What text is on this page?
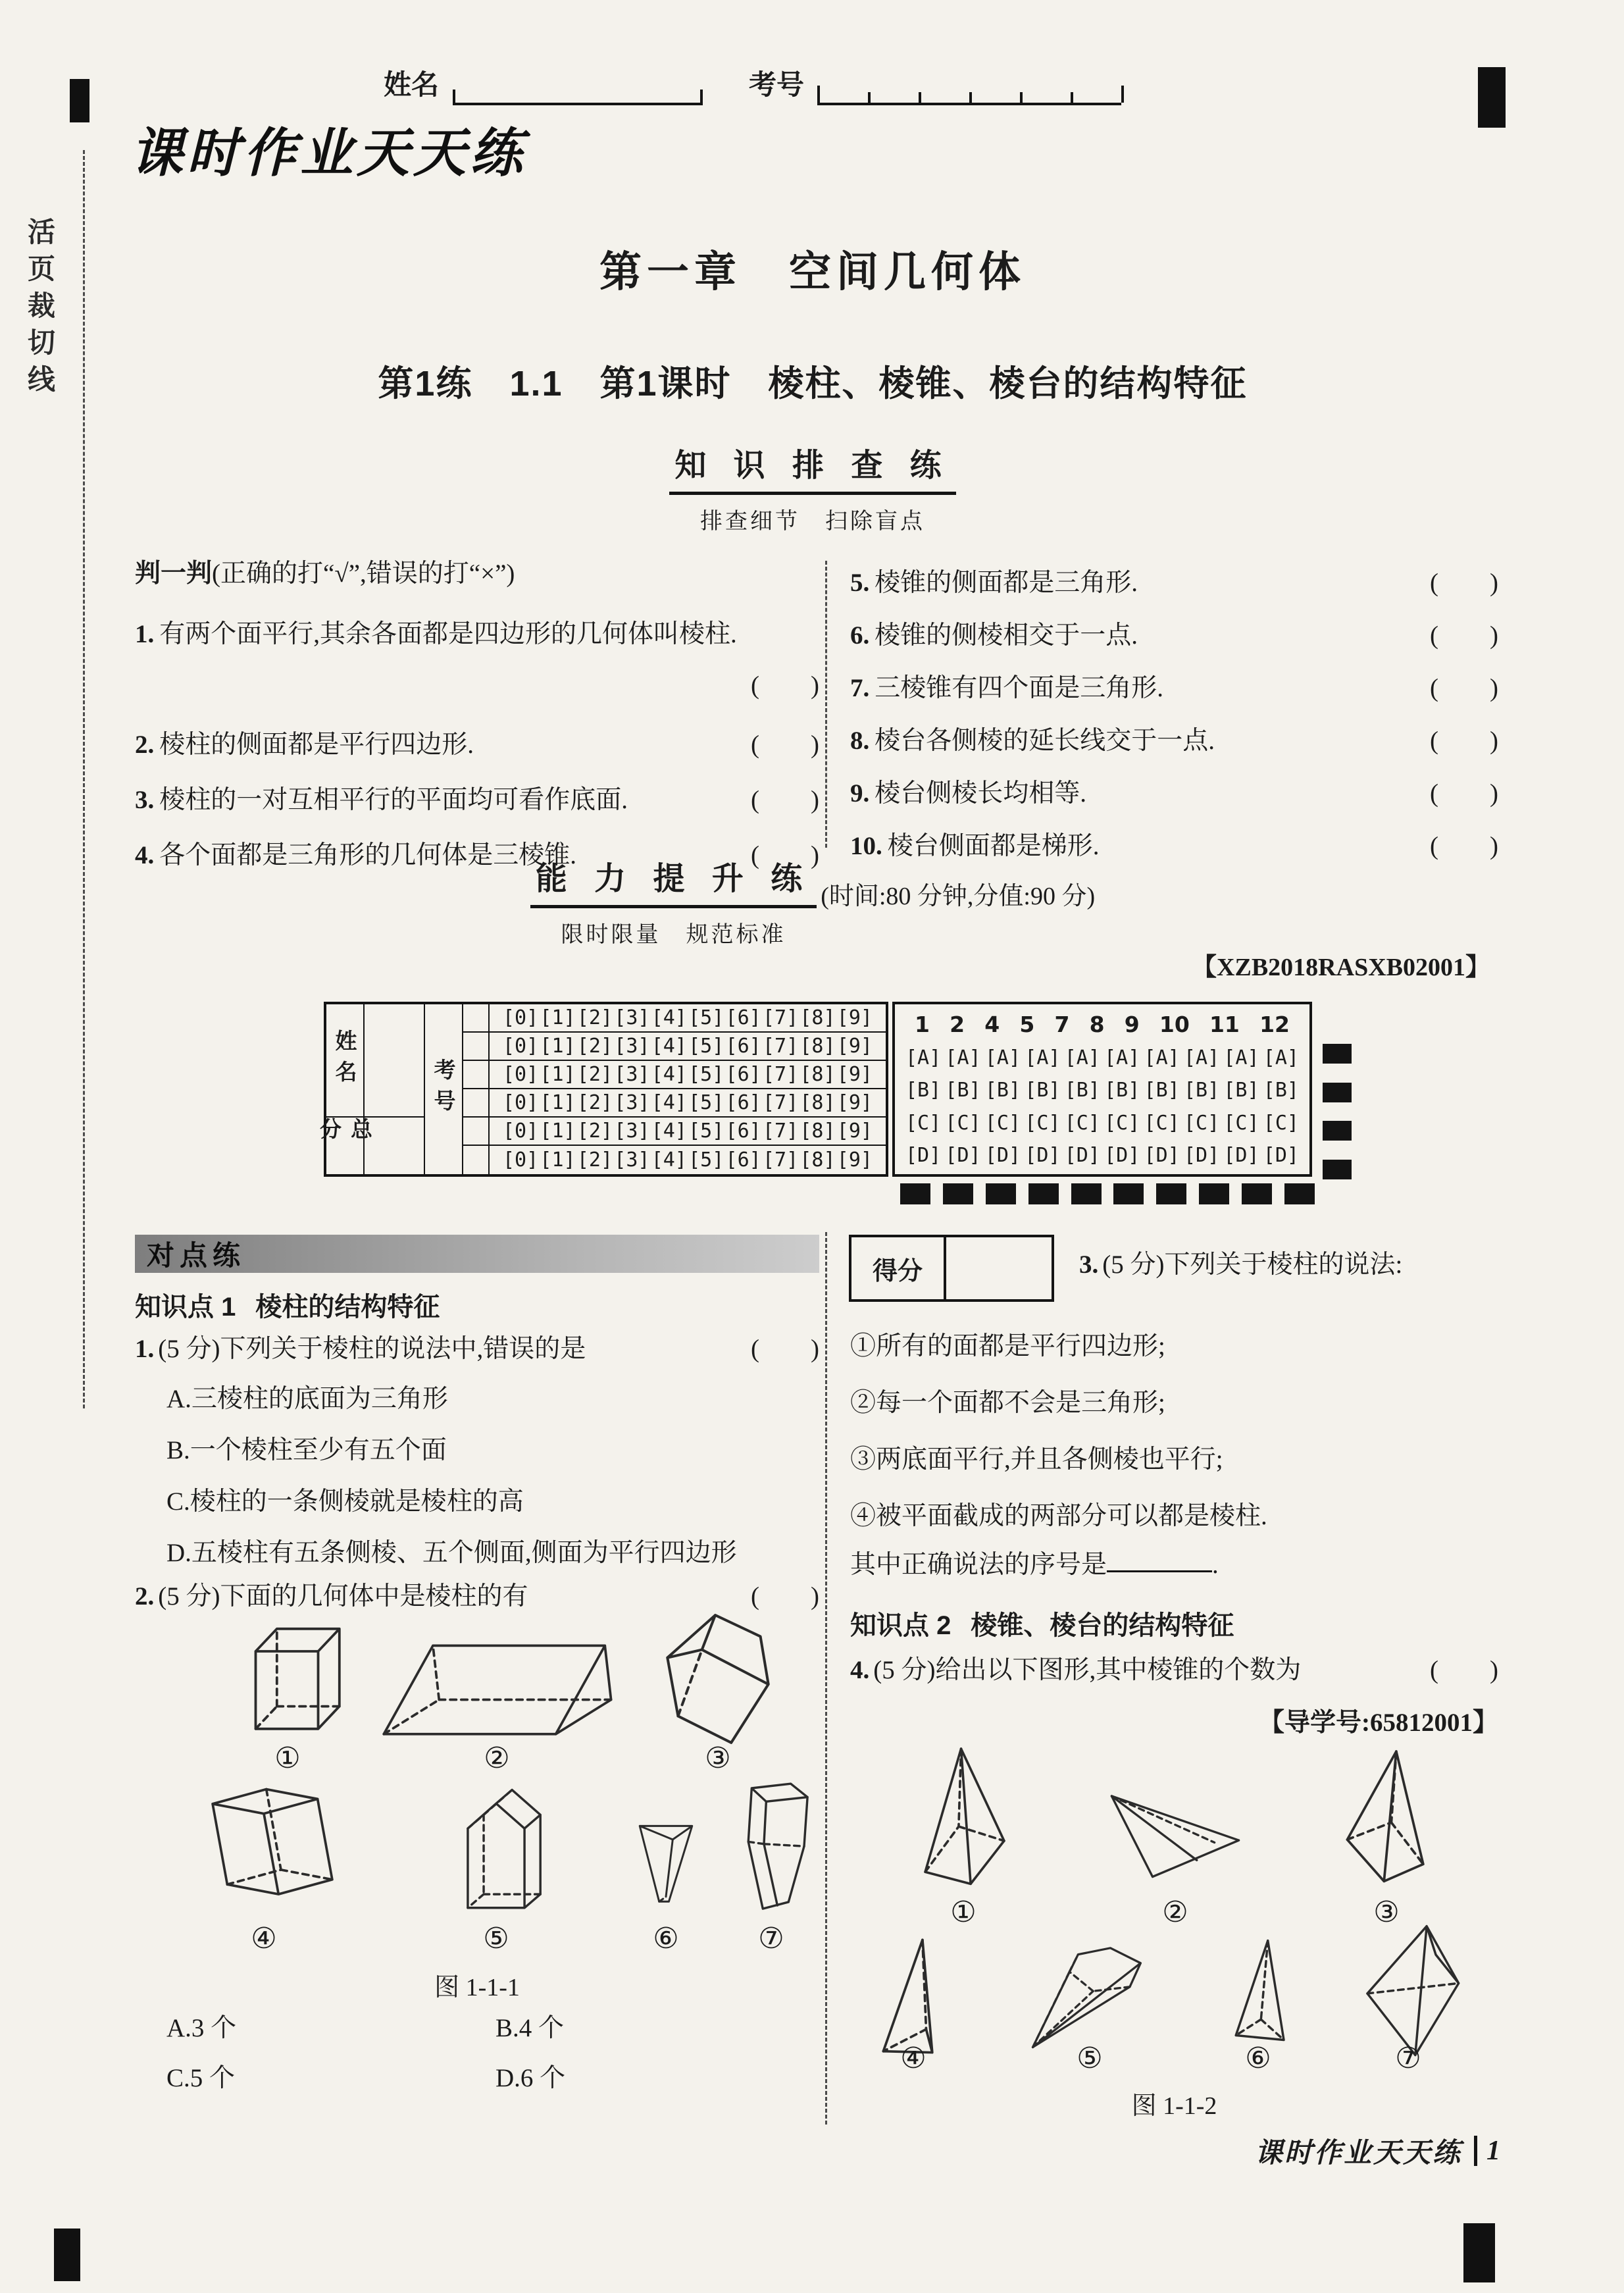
姓名	考号
活页裁切线
课时作业天天练
第一章　空间几何体
第1练　1.1　第1课时　棱柱、棱锥、棱台的结构特征
知 识 排 查 练
排查细节　扫除盲点
判一判(正确的打“√”,错误的打“×”)
1. 有两个面平行,其余各面都是四边形的几何体叫棱柱.
(　　)
2. 棱柱的侧面都是平行四边形.	(　　)
3. 棱柱的一对互相平行的平面均可看作底面.	(　　)
4. 各个面都是三角形的几何体是三棱锥.	(　　)
5. 棱锥的侧面都是三角形.	(　　)
6. 棱锥的侧棱相交于一点.	(　　)
7. 三棱锥有四个面是三角形.	(　　)
8. 棱台各侧棱的延长线交于一点.	(　　)
9. 棱台侧棱长均相等.	(　　)
10. 棱台侧面都是梯形.	(　　)
能 力 提 升 练
限时限量　规范标准
(时间:80 分钟,分值:90 分)
【XZB2018RASXB02001】
姓名
总分
考号
[0] [1] [2] [3] [4] [5] [6] [7] [8] [9]
[0] [1] [2] [3] [4] [5] [6] [7] [8] [9]
[0] [1] [2] [3] [4] [5] [6] [7] [8] [9]
[0] [1] [2] [3] [4] [5] [6] [7] [8] [9]
[0] [1] [2] [3] [4] [5] [6] [7] [8] [9]
[0] [1] [2] [3] [4] [5] [6] [7] [8] [9]
1 2 4 5 7 8 9 10 11 12
[A] [A] [A] [A] [A] [A] [A] [A] [A] [A]
[B] [B] [B] [B] [B] [B] [B] [B] [B] [B]
[C] [C] [C] [C] [C] [C] [C] [C] [C] [C]
[D] [D] [D] [D] [D] [D] [D] [D] [D] [D]
对点练
知识点 1 棱柱的结构特征
1. (5 分)下列关于棱柱的说法中,错误的是	(　　)
A.三棱柱的底面为三角形
B.一个棱柱至少有五个面
C.棱柱的一条侧棱就是棱柱的高
D.五棱柱有五条侧棱、五个侧面,侧面为平行四边形
2. (5 分)下面的几何体中是棱柱的有	(　　)
①	②	③
④	⑤	⑥	⑦
图 1-1-1
A.3 个	B.4 个
C.5 个	D.6 个
得分	3. (5 分)下列关于棱柱的说法:
①所有的面都是平行四边形;
②每一个面都不会是三角形;
③两底面平行,并且各侧棱也平行;
④被平面截成的两部分可以都是棱柱.
其中正确说法的序号是	.
知识点 2 棱锥、棱台的结构特征
4. (5 分)给出以下图形,其中棱锥的个数为	(　　)
【导学号:65812001】
①	②	③
④	⑤	⑥	⑦
图 1-1-2
课时作业天天练 1
